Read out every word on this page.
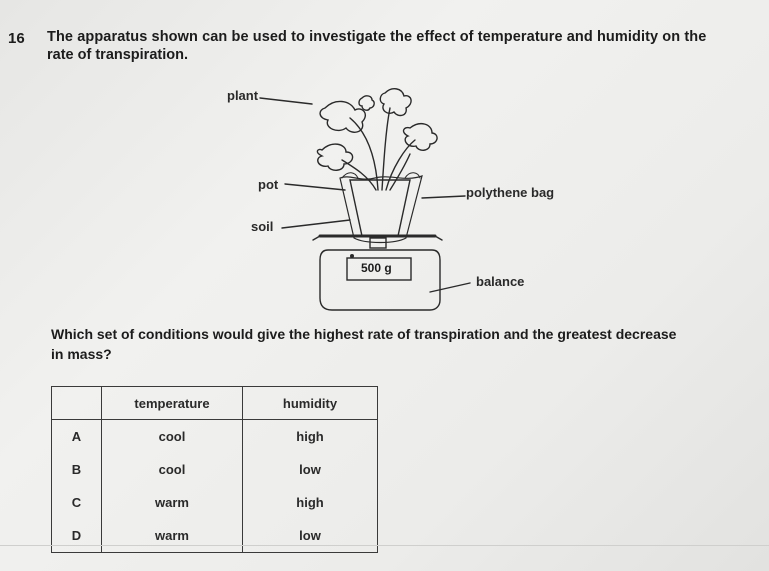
16 The apparatus shown can be used to investigate the effect of temperature and humidity on the
rate of transpiration.
plant
pot
soil
polythene bag
balance
500 g
Which set of conditions would give the highest rate of transpiration and the greatest decrease
in mass?
	temperature	humidity
A	cool	high
B	cool	low
C	warm	high
D	warm	low
